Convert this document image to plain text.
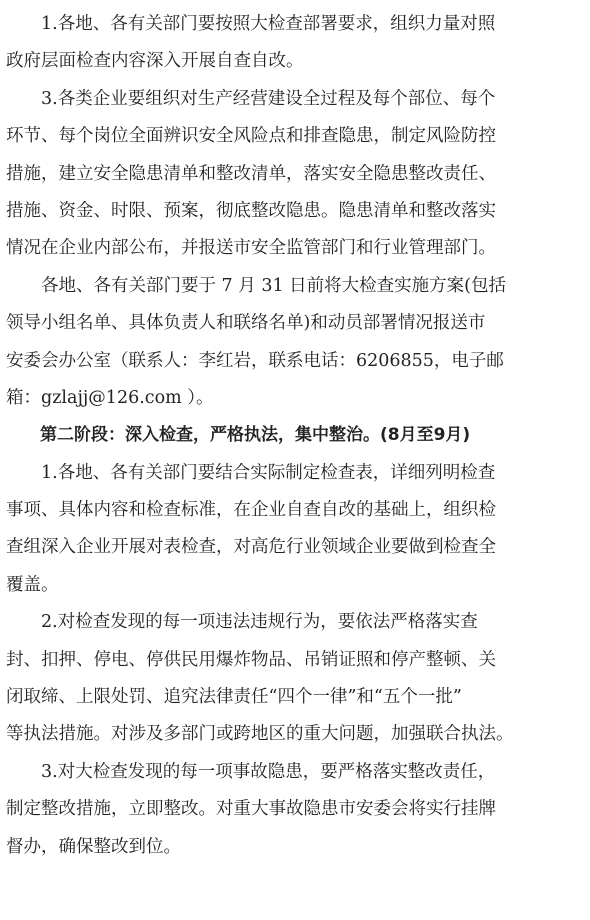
　　1.各地、各有关部门要按照大检查部署要求，组织力量对照
政府层面检查内容深入开展自查自改。
　　3.各类企业要组织对生产经营建设全过程及每个部位、每个
环节、每个岗位全面辨识安全风险点和排查隐患，制定风险防控
措施，建立安全隐患清单和整改清单，落实安全隐患整改责任、
措施、资金、时限、预案，彻底整改隐患。隐患清单和整改落实
情况在企业内部公布，并报送市安全监管部门和行业管理部门。
　　各地、各有关部门要于 7 月 31 日前将大检查实施方案(包括
领导小组名单、具体负责人和联络名单)和动员部署情况报送市
安委会办公室（联系人：李红岩，联系电话：6206855，电子邮
箱：gzlajj@126.com ）。
　　第二阶段：深入检查，严格执法，集中整治。(8月至9月)
　　1.各地、各有关部门要结合实际制定检查表，详细列明检查
事项、具体内容和检查标准，在企业自查自改的基础上，组织检
查组深入企业开展对表检查，对高危行业领域企业要做到检查全
覆盖。
　　2.对检查发现的每一项违法违规行为，要依法严格落实查
封、扣押、停电、停供民用爆炸物品、吊销证照和停产整顿、关
闭取缔、上限处罚、追究法律责任“四个一律”和“五个一批”
等执法措施。对涉及多部门或跨地区的重大问题，加强联合执法。
　　3.对大检查发现的每一项事故隐患，要严格落实整改责任，
制定整改措施，立即整改。对重大事故隐患市安委会将实行挂牌
督办，确保整改到位。
